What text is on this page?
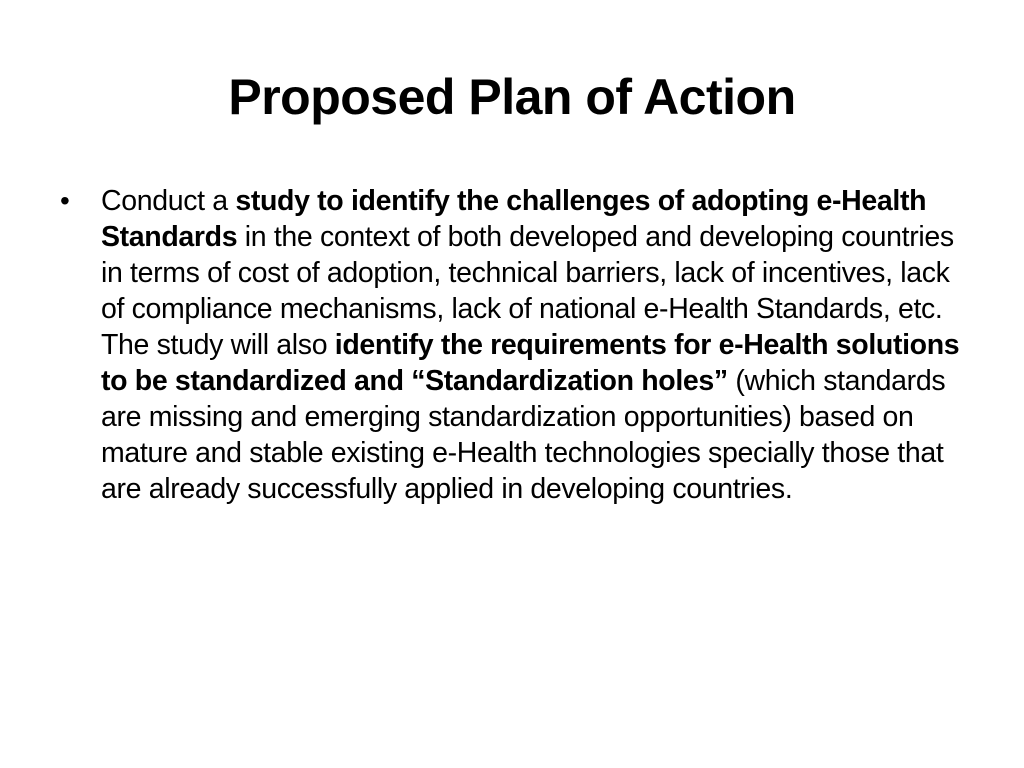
Proposed Plan of Action
• Conduct a study to identify the challenges of adopting e-Health Standards in the context of both developed and developing countries in terms of cost of adoption, technical barriers, lack of incentives, lack of compliance mechanisms, lack of national e-Health Standards, etc. The study will also identify the requirements for e-Health solutions to be standardized and “Standardization holes” (which standards are missing and emerging standardization opportunities) based on mature and stable existing e-Health technologies specially those that are already successfully applied in developing countries.
